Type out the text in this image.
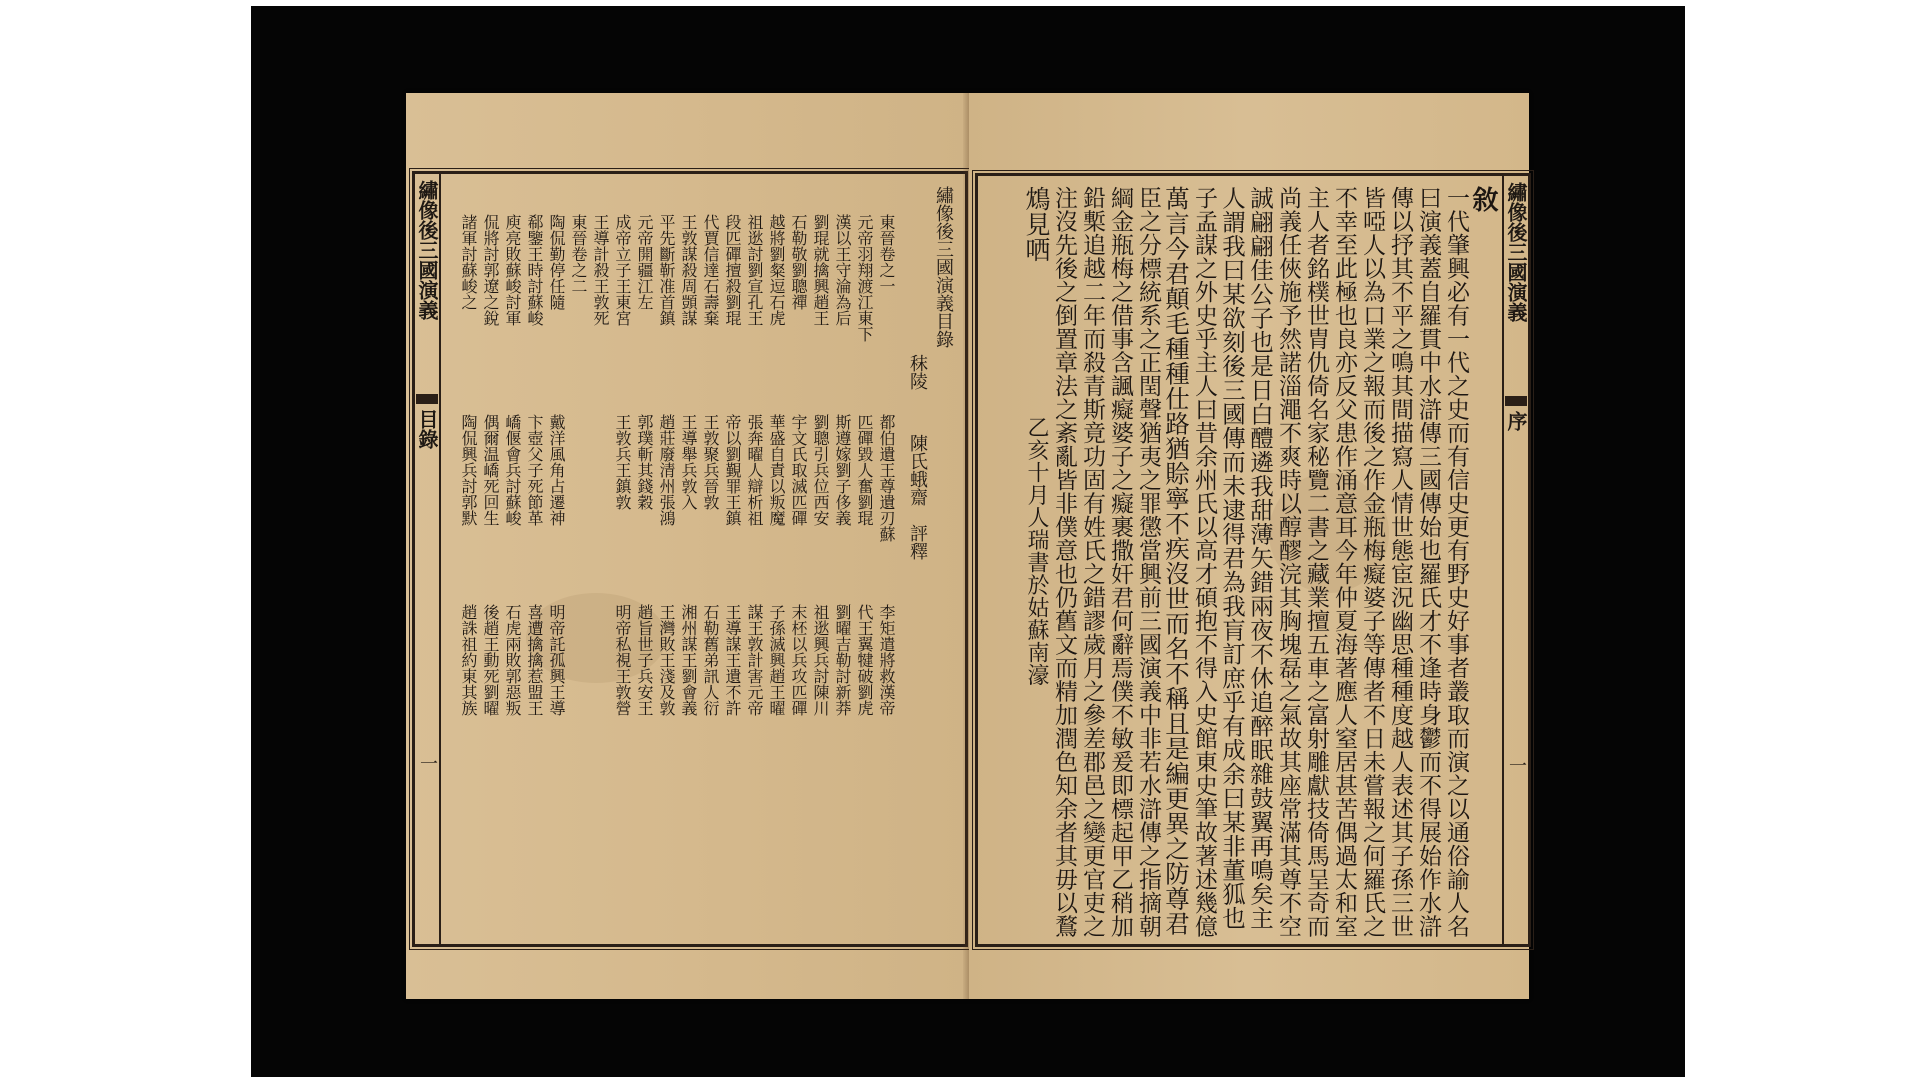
繡像後三國演義
目錄
一
繡像後三國演義目錄
秣陵
陳氏蛾齋　評釋
東晉卷之一
元帝羽翔渡江東下
漢以王守淪為后
劉琨就擒興趙王
石勒敬劉聰禪
越將劉粲逗石虎
祖逖討劉宣孔王
段匹磾擅殺劉琨
代賈信達石壽棄
王敦謀殺周顗謀
平先斷靳准首鎮
元帝開疆江左
成帝立子王東宮
王導計殺王敦死
東晉卷之二
陶侃勤停任隨
郗鑒王時討蘇峻
庾亮敗蘇峻討軍
侃將討郭遼之銳
諸軍討蘇峻之
都伯遺王尊遺刃蘇
匹磾毀人奮劉琨
斯遵嫁劉子侈義
劉聰引兵位西安
宇文氏取滅匹磾
華盛自責以叛魔
張奔曜人辯析祖
帝以劉覲罪王鎮
王敦聚兵晉敦
王導舉兵敦入
趙莊廢清州張鴻
郭璞斬其錢穀
王敦兵王鎮敦
戴洋風角占遷神
卞壺父子死節革
嶠偃會兵討蘇峻
偶爾温嶠死回生
陶侃興兵討郭默
李矩遣將救漢帝
代王翼犍破劉虎
劉曜吉勒討新莽
祖逖興兵討陳川
末柸以兵攻匹磾
子孫滅興趙王曜
謀王敦計害元帝
王導謀王遺不許
石勒舊弟訊人衍
湘州謀王劉會義
王灣敗王淺及敦
趙旨世子兵安王
明帝私視王敦營
明帝託孤興王導
喜遭擒擒惹盟王
石虎兩敗郭惡叛
後趙王動死劉曜
趙誅祖約東其族
繡像後三國演義
序
一
敘
一代肇興必有一代之史而有信史更有野史好事者叢取而演之以通俗諭人名
曰演義蓋自羅貫中水滸傳三國傳始也羅氏才不逢時身鬱而不得展始作水滸
傳以抒其不平之鳴其間描寫人情世態宦況幽思種種度越人表述其子孫三世
皆啞人以為口業之報而後之作金瓶梅癡婆子等傳者不日未嘗報之何羅氏之
不幸至此極也良亦反父患作涌意耳今年仲夏海著應人窒居甚苦偶過太和室
主人者銘樸世胄仇倚名家秘覽二書之藏業擅五車之富射雕獻技倚馬呈奇而
尚義任俠施予然諾淄澠不爽時以醇醪浣其胸塊磊之氣故其座常滿其尊不空
誠翩翩佳公子也是日白醴遴我甜薄矢錯兩夜不休追醉眠雜鼓翼再鳴矣主
人謂我曰某欲刻後三國傳而未逮得君為我肓訂庶乎有成余曰某非董狐也
子孟謀之外史乎主人曰昔余州氏以高才碩抱不得入史館東史筆故著述幾億
萬言今君顛毛種種仕路猶賒寧不疾沒世而名不稱且是編更異之防尊君
臣之分標統系之正閏聲猶夷之罪懲當興前三國演義中非若水滸傳之指摘朝
綱金瓶梅之借事含諷癡婆子之癡裹撒奸君何辭焉僕不敏爰即標起甲乙稍加
鉛槧追越二年而殺青斯竟功固有姓氏之錯謬歲月之參差郡邑之變更官吏之
注沒先後之倒置章法之紊亂皆非僕意也仍舊文而精加潤色知余者其毋以鶩
鴆見哂
乙亥十月人瑞書於姑蘇南濠
